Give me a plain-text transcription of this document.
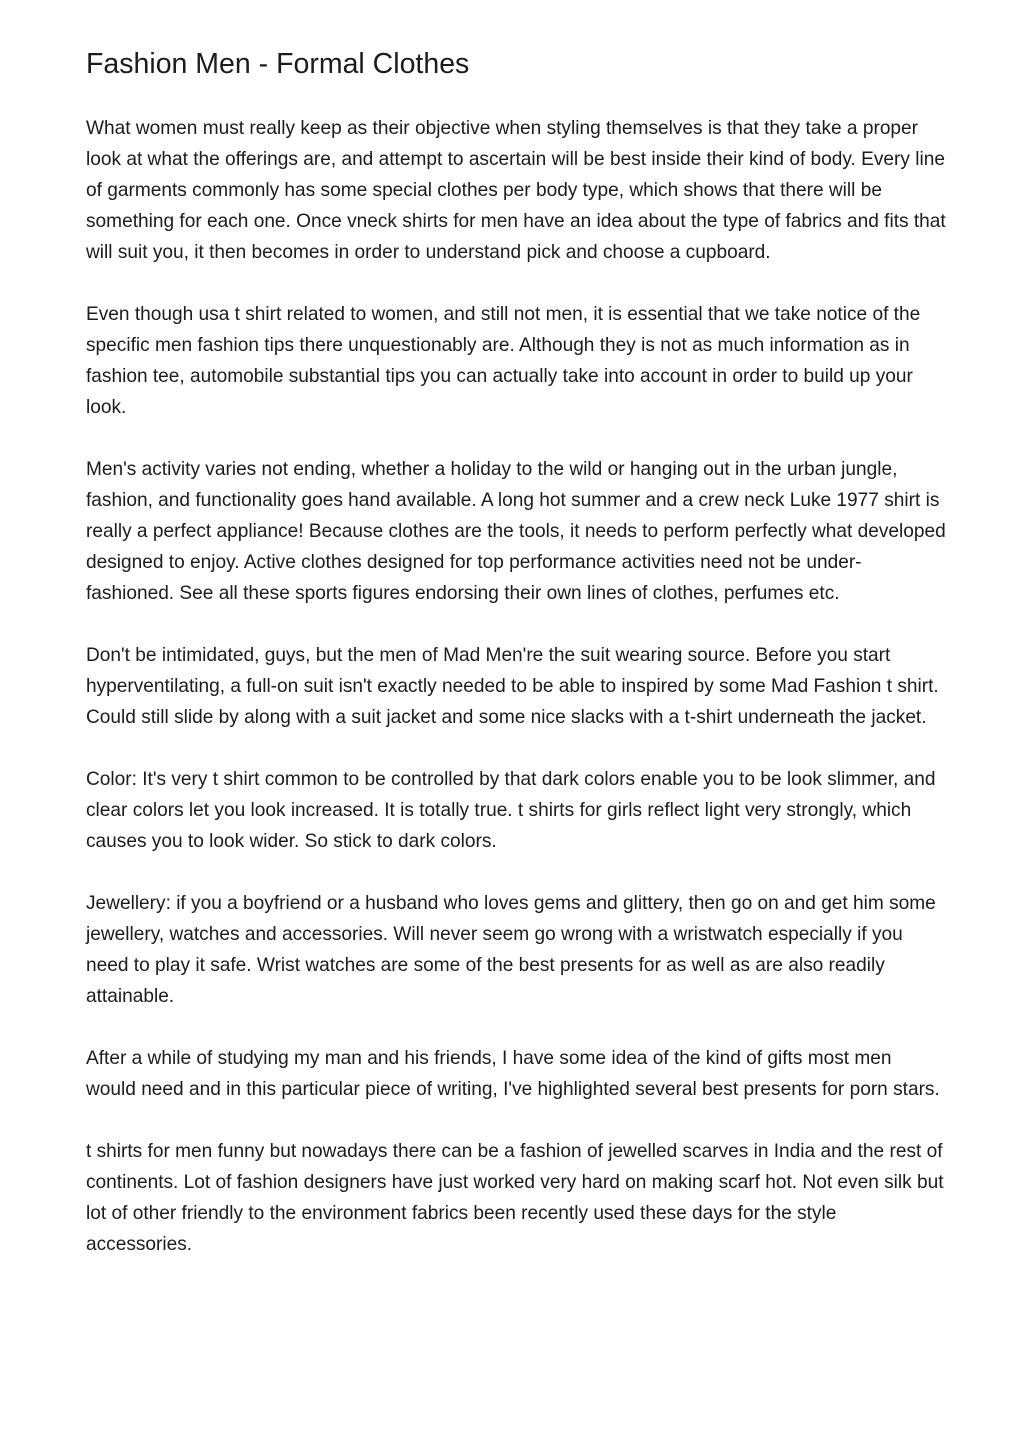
Fashion Men - Formal Clothes

What women must really keep as their objective when styling themselves is that they take a proper look at what the offerings are, and attempt to ascertain will be best inside their kind of body. Every line of garments commonly has some special clothes per body type, which shows that there will be something for each one. Once vneck shirts for men have an idea about the type of fabrics and fits that will suit you, it then becomes in order to understand pick and choose a cupboard.

Even though usa t shirt related to women, and still not men, it is essential that we take notice of the specific men fashion tips there unquestionably are. Although they is not as much information as in fashion tee, automobile substantial tips you can actually take into account in order to build up your look.

Men's activity varies not ending, whether a holiday to the wild or hanging out in the urban jungle, fashion, and functionality goes hand available. A long hot summer and a crew neck Luke 1977 shirt is really a perfect appliance! Because clothes are the tools, it needs to perform perfectly what developed designed to enjoy. Active clothes designed for top performance activities need not be under-fashioned. See all these sports figures endorsing their own lines of clothes, perfumes etc.

Don't be intimidated, guys, but the men of Mad Men're the suit wearing source. Before you start hyperventilating, a full-on suit isn't exactly needed to be able to inspired by some Mad Fashion t shirt. Could still slide by along with a suit jacket and some nice slacks with a t-shirt underneath the jacket.

Color: It's very t shirt common to be controlled by that dark colors enable you to be look slimmer, and clear colors let you look increased. It is totally true. t shirts for girls reflect light very strongly, which causes you to look wider. So stick to dark colors.

Jewellery: if you a boyfriend or a husband who loves gems and glittery, then go on and get him some jewellery, watches and accessories. Will never seem go wrong with a wristwatch especially if you need to play it safe. Wrist watches are some of the best presents for as well as are also readily attainable.

After a while of studying my man and his friends, I have some idea of the kind of gifts most men would need and in this particular piece of writing, I've highlighted several best presents for porn stars.

t shirts for men funny but nowadays there can be a fashion of jewelled scarves in India and the rest of continents. Lot of fashion designers have just worked very hard on making scarf hot. Not even silk but lot of other friendly to the environment fabrics been recently used these days for the style accessories.
